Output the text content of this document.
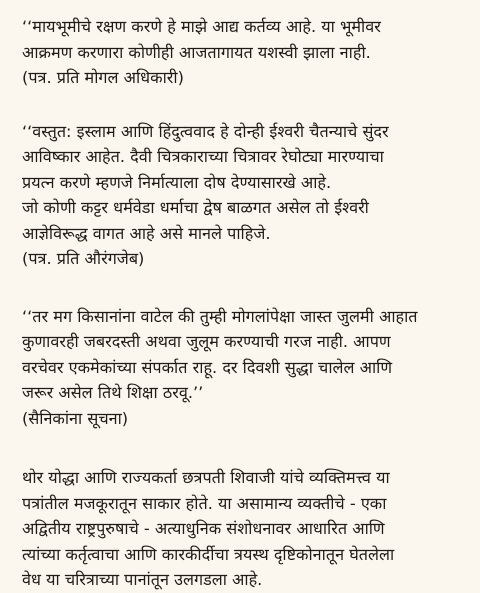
‘‘मायभूमीचे रक्षण करणे हे माझे आद्य कर्तव्य आहे. या भूमीवर
आक्रमण करणारा कोणीही आजतागायत यशस्वी झाला नाही.
(पत्र. प्रति मोगल अधिकारी)
‘‘वस्तुत: इस्लाम आणि हिंदुत्ववाद हे दोन्ही ईश्वरी चैतन्याचे सुंदर
आविष्कार आहेत. दैवी चित्रकाराच्या चित्रावर रेघोट्या मारण्याचा
प्रयत्न करणे म्हणजे निर्मात्याला दोष देण्यासारखे आहे.
जो कोणी कट्टर धर्मवेडा धर्माचा द्वेष बाळगत असेल तो ईश्वरी
आज्ञेविरूद्ध वागत आहे असे मानले पाहिजे.
(पत्र. प्रति औरंगजेब)
‘‘तर मग किसानांना वाटेल की तुम्ही मोगलांपेक्षा जास्त जुलमी आहात
कुणावरही जबरदस्ती अथवा जुलूम करण्याची गरज नाही. आपण
वरचेवर एकमेकांच्या संपर्कात राहू. दर दिवशी सुद्धा चालेल आणि
जरूर असेल तिथे शिक्षा ठरवू.’’
(सैनिकांना सूचना)
थोर योद्धा आणि राज्यकर्ता छत्रपती शिवाजी यांचे व्यक्तिमत्त्व या
पत्रांतील मजकूरातून साकार होते. या असामान्य व्यक्तीचे - एका
अद्वितीय राष्ट्रपुरुषाचे - अत्याधुनिक संशोधनावर आधारित आणि
त्यांच्या कर्तृत्वाचा आणि कारकीर्दीचा त्रयस्थ दृष्टिकोनातून घेतलेला
वेध या चरित्राच्या पानांतून उलगडला आहे.
